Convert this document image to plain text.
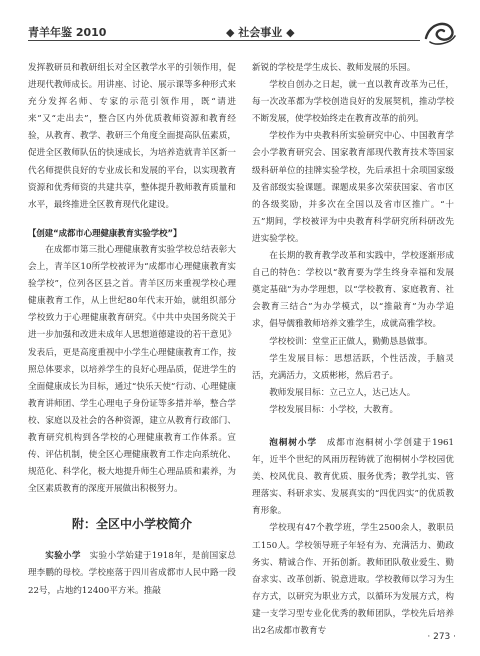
青羊年鉴 2010	◆ 社会事业 ◆

发挥教研员和教研组长对全区教学水平的引领作用，促进现代教师成长。用讲座、讨论、展示课等多种形式来充分发挥名师、专家的示范引领作用，既“请进来”又“走出去”，整合区内外优质教师资源和教育经验，从教育、教学、教研三个角度全面提高队伍素质，促进全区教师队伍的快速成长，为培养造就青羊区新一代名师提供良好的专业成长和发展的平台，以实现教育资源和优秀师资的共建共享，整体提升教师教育质量和水平，最终推进全区教育现代化建设。

【创建“成都市心理健康教育实验学校”】

在成都市第三批心理健康教育实验学校总结表彰大会上，青羊区10所学校被评为“成都市心理健康教育实验学校”，位列各区县之首。青羊区历来重视学校心理健康教育工作，从上世纪80年代末开始，就组织部分学校致力于心理健康教育研究。《中共中央国务院关于进一步加强和改进未成年人思想道德建设的若干意见》发表后，更是高度重视中小学生心理健康教育工作，按照总体要求，以培养学生的良好心理品质，促进学生的全面健康成长为目标，通过“快乐天使”行动、心理健康教育讲师团、学生心理电子身份证等多措并举，整合学校、家庭以及社会的各种资源，建立从教育行政部门、教育研究机构到各学校的心理健康教育工作体系。宣传、评估机制，使全区心理健康教育工作走向系统化、规范化、科学化，极大地提升师生心理品质和素养，为全区素质教育的深度开展做出积极努力。

附：全区中小学校简介

实验小学　实验小学始建于1918年，是前国家总理李鹏的母校。学校座落于四川省成都市人民中路一段22号，占地约12400平方米。推敲

新锐的学校是学生成长、教师发展的乐园。

学校自创办之日起，就一直以教育改革为己任，每一次改革都为学校创造良好的发展契机，推动学校不断发展，使学校始终走在教育改革的前列。

学校作为中央教科所实验研究中心、中国教育学会小学教育研究会、国家教育部现代教育技术等国家级科研单位的挂牌实验学校，先后承担十余项国家级及省部级实验课题。课题成果多次荣获国家、省市区的各级奖励，并多次在全国以及省市区推广。“十五”期间，学校被评为中央教育科学研究所科研改先进实验学校。

在长期的教育教学改革和实践中，学校逐渐形成自己的特色：学校以“教育要为学生终身幸福和发展奠定基础”为办学理想，以“学校教育、家庭教育、社会教育三结合”为办学模式，以“推敲育”为办学追求，倡导儒雅教师培养文雅学生，成就高雅学校。

学校校训：堂堂正正做人，勤勤恳恳做事。

学生发展目标：思想活跃，个性活泼，手脑灵活，充满活力，文质彬彬，然后君子。

教师发展目标：立己立人，达己达人。

学校发展目标：小学校，大教育。

泡桐树小学　成都市泡桐树小学创建于1961年，近半个世纪的风雨历程铸就了泡桐树小学校园优美、校风优良、教育优质、服务优秀；教学扎实、管理落实、科研求实、发展真实的“四优四实”的优质教育形象。

学校现有47个教学班，学生2500余人，教职员工150人。学校领导班子年轻有为、充满活力、勤政务实、精诚合作、开拓创新。教师团队敬业爱生、勤奋求实、改革创新、锐意进取。学校教师以学习为生存方式，以研究为职业方式，以循环为发展方式，构建一支学习型专业化优秀的教师团队，学校先后培养出2名成都市教育专

· 273 ·
